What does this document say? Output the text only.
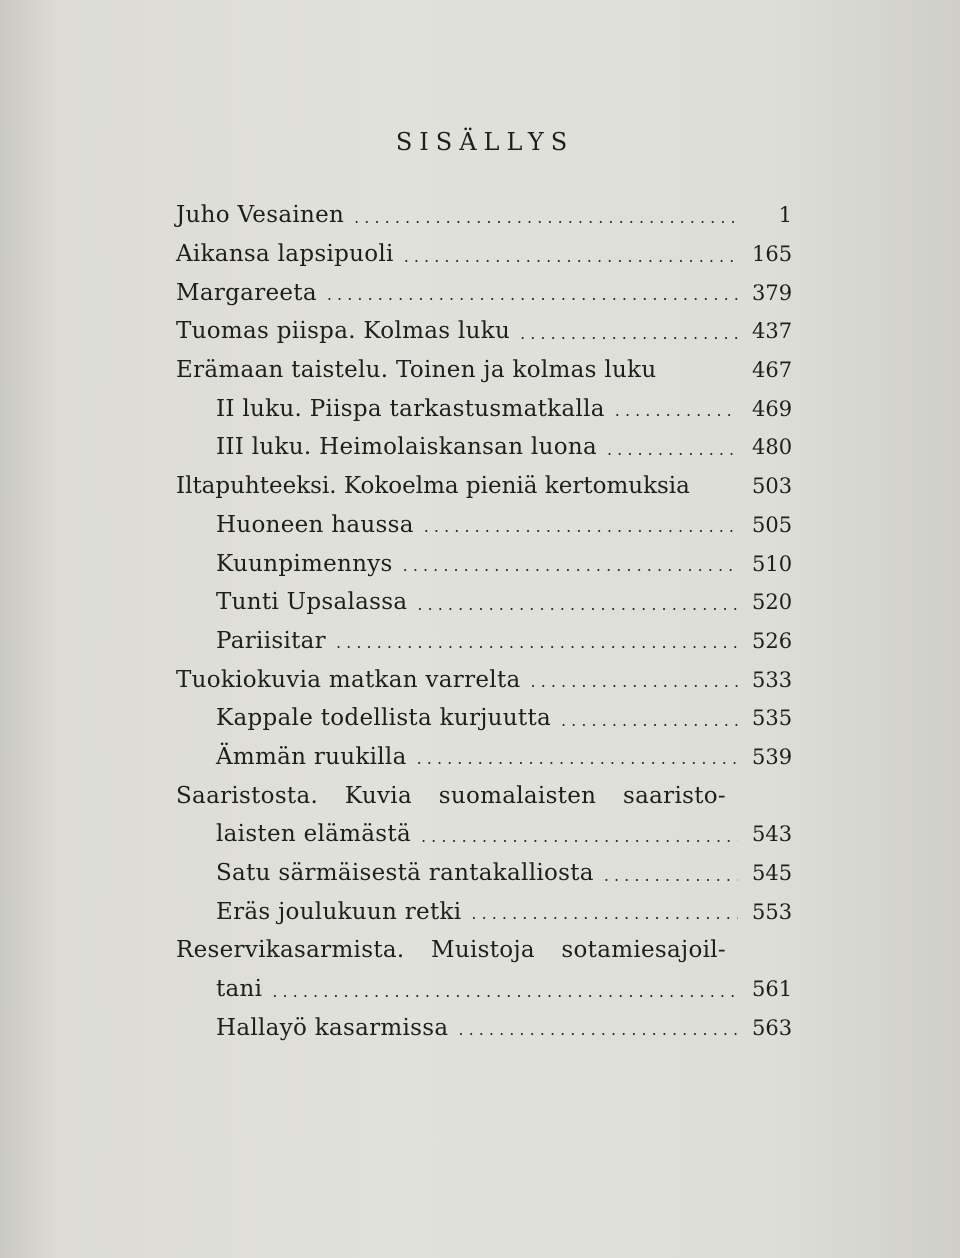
SISÄLLYS
Juho Vesainen . . .	1
Aikansa lapsipuoli . . .	165
Margareeta . . .	379
Tuomas piispa. Kolmas luku . . .	437
Erämaan taistelu. Toinen ja kolmas luku	467
II luku. Piispa tarkastusmatkalla . . .	469
III luku. Heimolaiskansan luona . . .	480
Iltapuhteeksi. Kokoelma pieniä kertomuksia	503
Huoneen haussa . . .	505
Kuunpimennys . . .	510
Tunti Upsalassa . . .	520
Pariisitar . . .	526
Tuokiokuvia matkan varrelta . . .	533
Kappale todellista kurjuutta . . .	535
Ämmän ruukilla . . .	539
Saaristosta. Kuvia suomalaisten saaristo-
laisten elämästä . . .	543
Satu särmäisestä rantakalliosta . . .	545
Eräs joulukuun retki . . .	553
Reservikasarmista. Muistoja sotamiesajoil-
tani . . .	561
Hallayö kasarmissa . . .	563
